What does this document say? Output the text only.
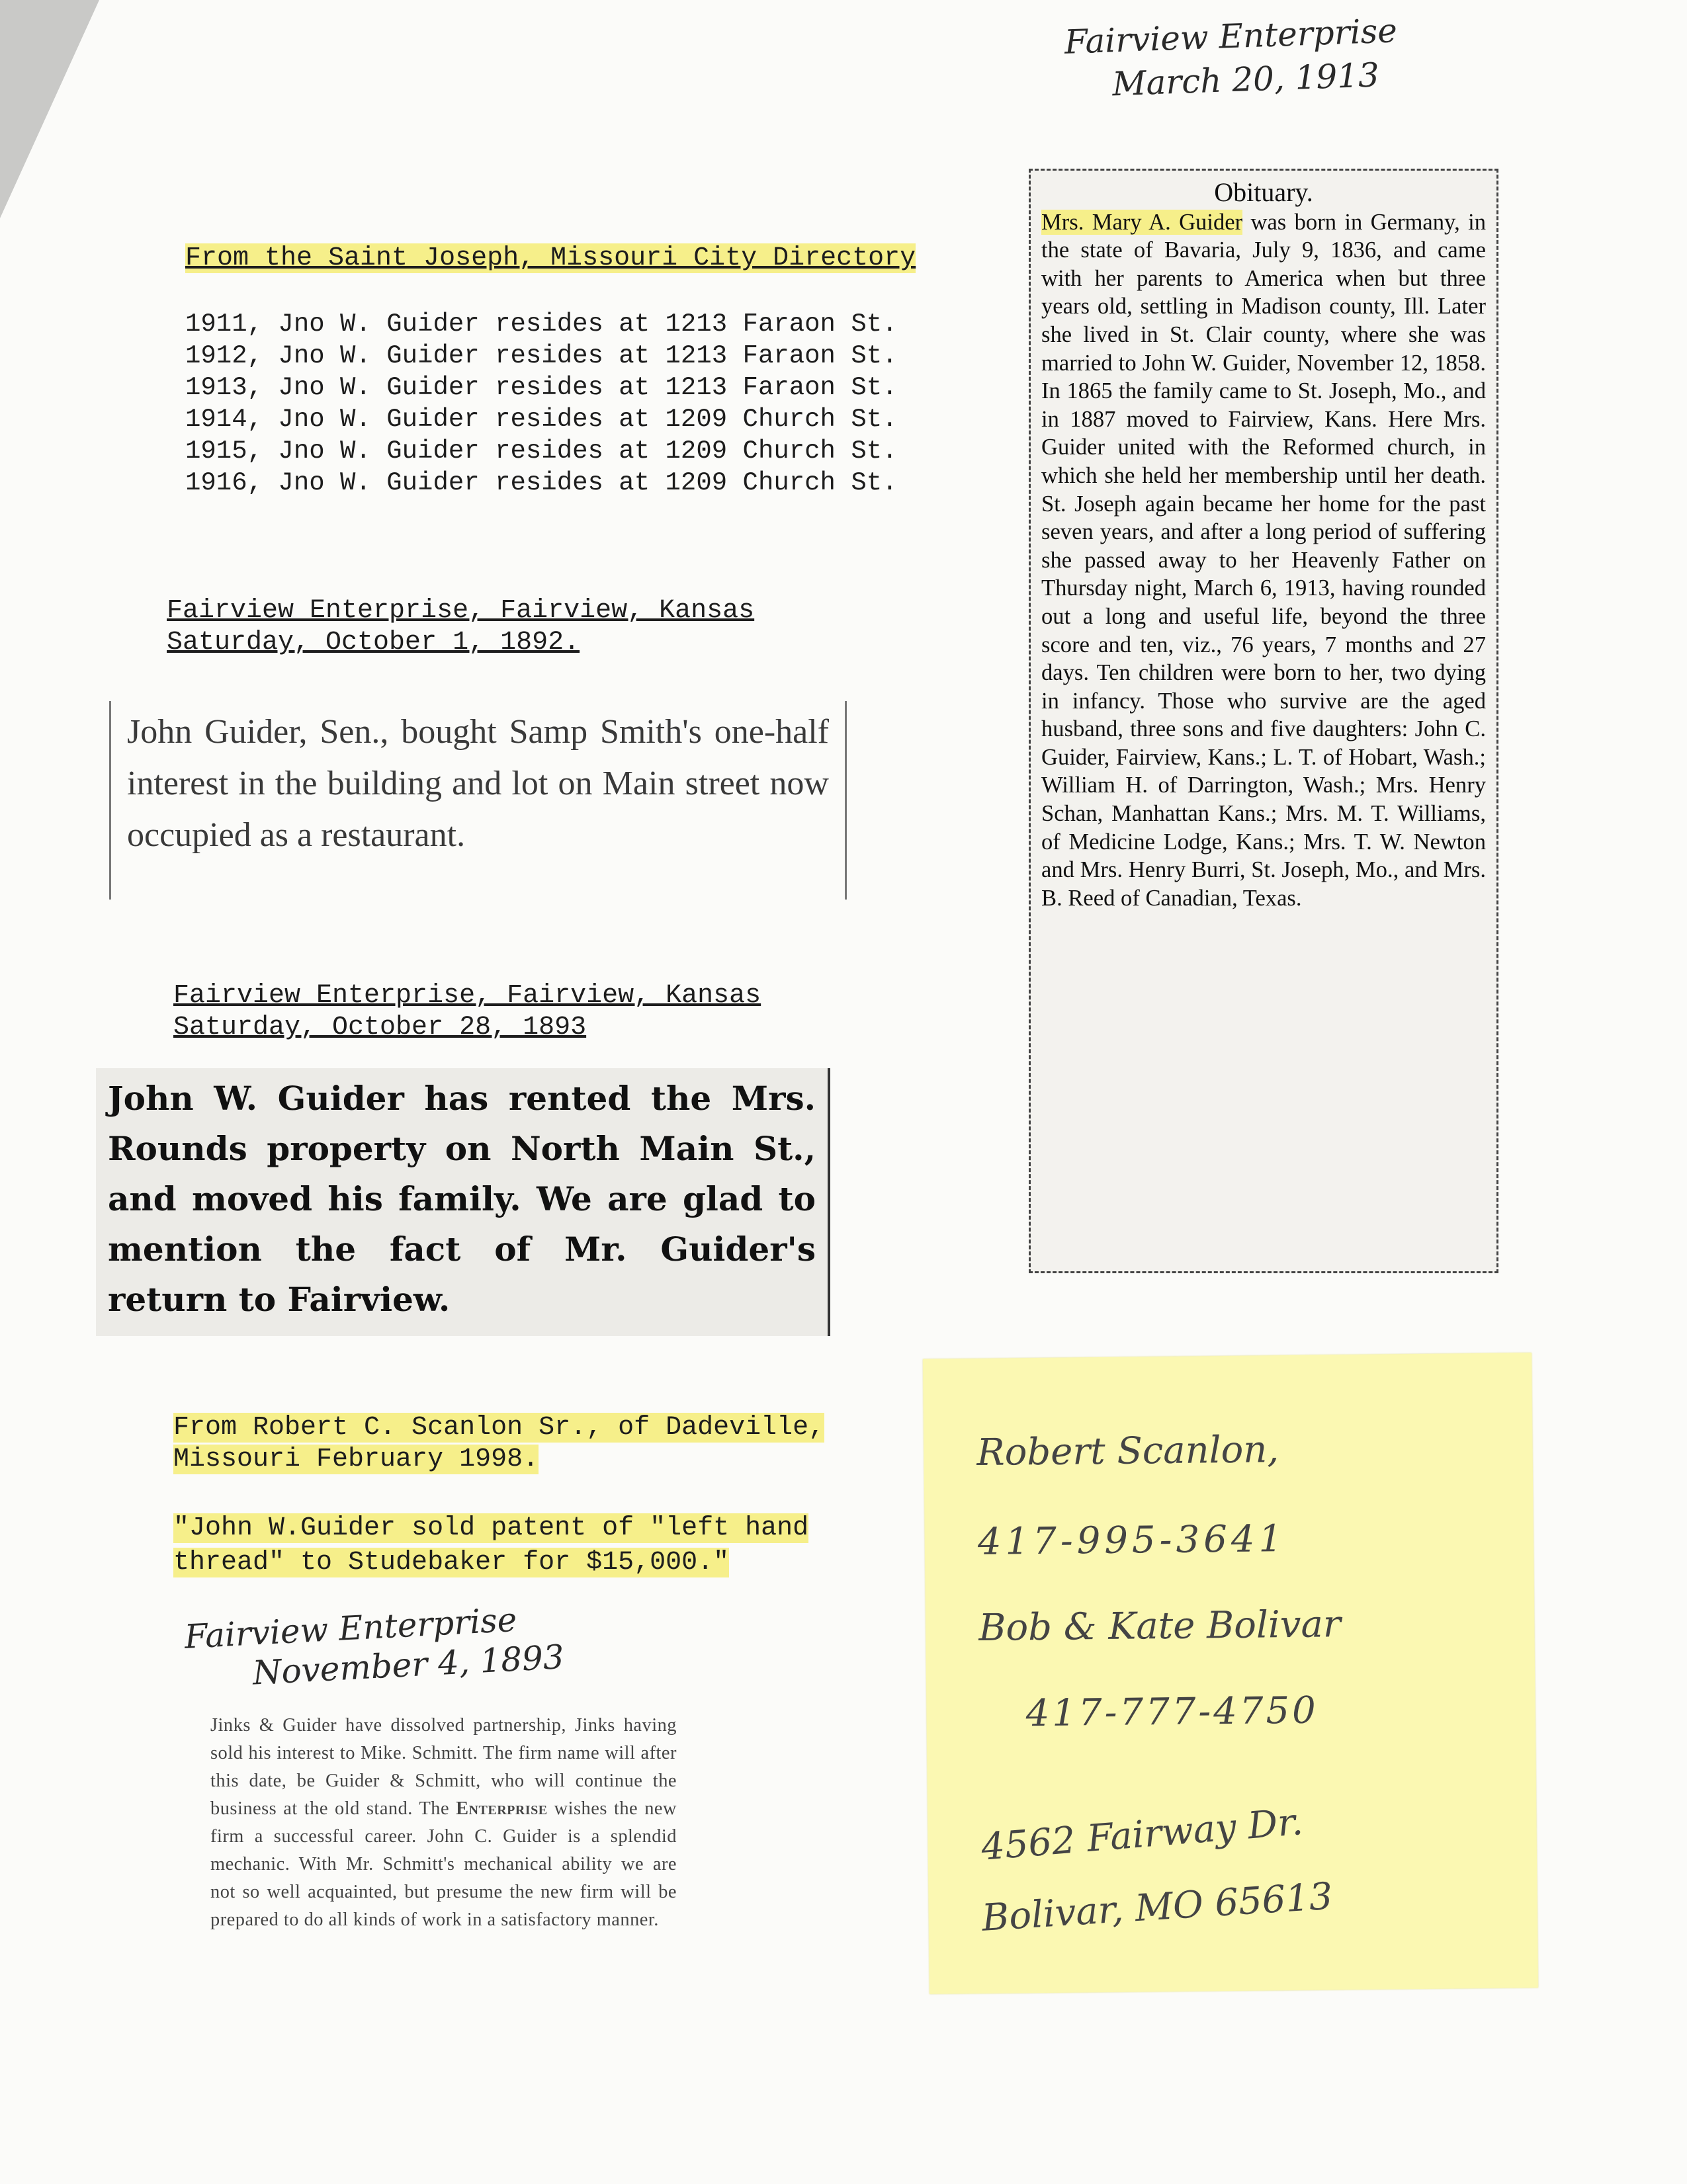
Fairview Enterprise
March 20, 1913
From the Saint Joseph, Missouri City Directory
1911, Jno W. Guider resides at 1213 Faraon St.
1912, Jno W. Guider resides at 1213 Faraon St.
1913, Jno W. Guider resides at 1213 Faraon St.
1914, Jno W. Guider resides at 1209 Church St.
1915, Jno W. Guider resides at 1209 Church St.
1916, Jno W. Guider resides at 1209 Church St.
Fairview Enterprise, Fairview, Kansas
Saturday, October 1, 1892.
John Guider, Sen., bought Samp Smith's one-half interest in the building and lot on Main street now occupied as a restaurant.
Fairview Enterprise, Fairview, Kansas
Saturday, October 28, 1893
John W. Guider has rented the Mrs. Rounds property on North Main St., and moved his family. We are glad to mention the fact of Mr. Guider's return to Fairview.
Obituary.
Mrs. Mary A. Guider was born in Germany, in the state of Bavaria, July 9, 1836, and came with her parents to America when but three years old, settling in Madison county, Ill. Later she lived in St. Clair county, where she was married to John W. Guider, November 12, 1858. In 1865 the family came to St. Joseph, Mo., and in 1887 moved to Fairview, Kans. Here Mrs. Guider united with the Reformed church, in which she held her membership until her death. St. Joseph again became her home for the past seven years, and after a long period of suffering she passed away to her Heavenly Father on Thursday night, March 6, 1913, having rounded out a long and useful life, beyond the three score and ten, viz., 76 years, 7 months and 27 days. Ten children were born to her, two dying in infancy. Those who survive are the aged husband, three sons and five daughters: John C. Guider, Fairview, Kans.; L. T. of Hobart, Wash.; William H. of Darrington, Wash.; Mrs. Henry Schan, Manhattan Kans.; Mrs. M. T. Williams, of Medicine Lodge, Kans.; Mrs. T. W. Newton and Mrs. Henry Burri, St. Joseph, Mo., and Mrs. B. Reed of Canadian, Texas.
From Robert C. Scanlon Sr., of Dadeville,
Missouri February 1998.
"John W.Guider sold patent of "left hand
thread" to Studebaker for $15,000."
Fairview Enterprise
November 4, 1893
Jinks & Guider have dissolved partnership, Jinks having sold his interest to Mike. Schmitt. The firm name will after this date, be Guider & Schmitt, who will continue the business at the old stand. The Enterprise wishes the new firm a successful career. John C. Guider is a splendid mechanic. With Mr. Schmitt's mechanical ability we are not so well acquainted, but presume the new firm will be prepared to do all kinds of work in a satisfactory manner.
Robert Scanlon,
417-995-3641
Bob & Kate Bolivar
417-777-4750
4562 Fairway Dr.
Bolivar, MO 65613
